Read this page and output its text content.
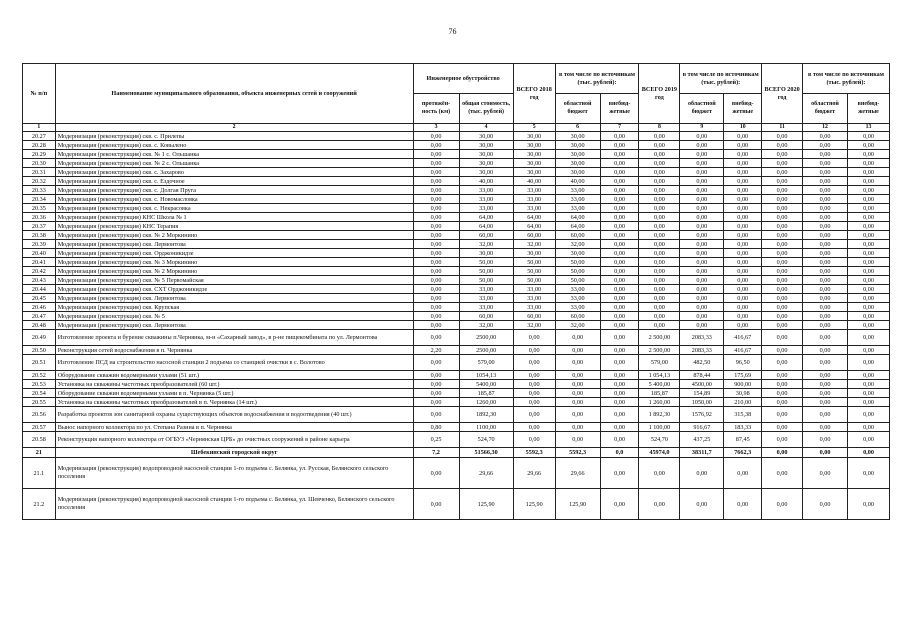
76
№ п/п	Наименование муниципального образования, объекта инженерных сетей и сооружений	Инженерное обустройство		ВСЕГО 2018 год	в том числе по источникам (тыс. рублей):		ВСЕГО 2019 год	в том числе по источникам (тыс. рублей):		ВСЕГО 2020 год	в том числе по источникам (тыс. рублей):	
		протяжён-ность (км)	общая стоимость, (тыс. рублей)		областной бюджет	внебюд-жетные		областной бюджет	внебюд-жетные		областной бюджет	внебюд-жетные
1	2	3	4	5	6	7	8	9	10	11	12	13
20.27	Модернизация (реконструкция) скв. с. Прилепы	0,00	30,00	30,00	30,00	0,00	0,00	0,00	0,00	0,00	0,00	0,00
20.28	Модернизация (реконструкция) скв. с. Ковылено	0,00	30,00	30,00	30,00	0,00	0,00	0,00	0,00	0,00	0,00	0,00
20.29	Модернизация (реконструкция) скв. № 1 с. Ольшанка	0,00	30,00	30,00	30,00	0,00	0,00	0,00	0,00	0,00	0,00	0,00
20.30	Модернизация (реконструкция) скв. № 2 с. Ольшанка	0,00	30,00	30,00	30,00	0,00	0,00	0,00	0,00	0,00	0,00	0,00
20.31	Модернизация (реконструкция) скв. с. Захарово	0,00	30,00	30,00	30,00	0,00	0,00	0,00	0,00	0,00	0,00	0,00
20.32	Модернизация (реконструкция) скв. с. Ездочное	0,00	40,00	40,00	40,00	0,00	0,00	0,00	0,00	0,00	0,00	0,00
20.33	Модернизация (реконструкция) скв. с. Долгая Пруга	0,00	33,00	33,00	33,00	0,00	0,00	0,00	0,00	0,00	0,00	0,00
20.34	Модернизация (реконструкция) скв. с. Новомасловка	0,00	33,00	33,00	33,00	0,00	0,00	0,00	0,00	0,00	0,00	0,00
20.35	Модернизация (реконструкция) скв. с. Некрасовка	0,00	33,00	33,00	33,00	0,00	0,00	0,00	0,00	0,00	0,00	0,00
20.36	Модернизация (реконструкция) КНС Школа № 1	0,00	64,00	64,00	64,00	0,00	0,00	0,00	0,00	0,00	0,00	0,00
20.37	Модернизация (реконструкция) КНС Терапия	0,00	64,00	64,00	64,00	0,00	0,00	0,00	0,00	0,00	0,00	0,00
20.38	Модернизация (реконструкция) скв. № 2 Моркинино	0,00	60,00	60,00	60,00	0,00	0,00	0,00	0,00	0,00	0,00	0,00
20.39	Модернизация (реконструкция) скв. Лермонтова	0,00	32,00	32,00	32,00	0,00	0,00	0,00	0,00	0,00	0,00	0,00
20.40	Модернизация (реконструкция) скв. Орджоникидзе	0,00	30,00	30,00	30,00	0,00	0,00	0,00	0,00	0,00	0,00	0,00
20.41	Модернизация (реконструкция) скв. № 3 Моркинино	0,00	50,00	50,00	50,00	0,00	0,00	0,00	0,00	0,00	0,00	0,00
20.42	Модернизация (реконструкция) скв. № 2 Моркинино	0,00	50,00	50,00	50,00	0,00	0,00	0,00	0,00	0,00	0,00	0,00
20.43	Модернизация (реконструкция) скв. № 5 Первомайская	0,00	50,00	50,00	50,00	0,00	0,00	0,00	0,00	0,00	0,00	0,00
20.44	Модернизация (реконструкция) скв. СХТ Орджоникидзе	0,00	33,00	33,00	33,00	0,00	0,00	0,00	0,00	0,00	0,00	0,00
20.45	Модернизация (реконструкция) скв. Лермонтова	0,00	33,00	33,00	33,00	0,00	0,00	0,00	0,00	0,00	0,00	0,00
20.46	Модернизация (реконструкция) скв. Крупская	0,00	33,00	33,00	33,00	0,00	0,00	0,00	0,00	0,00	0,00	0,00
20.47	Модернизация (реконструкция) скв. № 5	0,00	60,00	60,00	60,00	0,00	0,00	0,00	0,00	0,00	0,00	0,00
20.48	Модернизация (реконструкция) скв. Лермонтова	0,00	32,00	32,00	32,00	0,00	0,00	0,00	0,00	0,00	0,00	0,00
20.49	Изготовление проекта и бурение скважины п.Чернянка, м-н «Сахарный завод», в р-не пищекомбината по ул. Лермонтова	0,00	2500,00	0,00	0,00	0,00	2 500,00	2083,33	416,67	0,00	0,00	0,00
20.50	Реконструкция сетей водоснабжения в п. Чернянка	2,20	2500,00	0,00	0,00	0,00	2 500,00	2083,33	416,67	0,00	0,00	0,00
20.51	Изготовление ПСД на строительство насосной станции 2 подъема со станцией очистки в с. Волотово	0,00	579,00	0,00	0,00	0,00	579,00	482,50	96,50	0,00	0,00	0,00
20.52	Оборудование скважин водомерными узлами (51 шт.)	0,00	1054,13	0,00	0,00	0,00	1 054,13	878,44	175,69	0,00	0,00	0,00
20.53	Установка на скважины частотных преобразователей (60 шт.)	0,00	5400,00	0,00	0,00	0,00	5 400,00	4500,00	900,00	0,00	0,00	0,00
20.54	Оборудование скважин водомерными узлами в п. Чернянка (5 шт.)	0,00	185,87	0,00	0,00	0,00	185,87	154,89	30,98	0,00	0,00	0,00
20.55	Установка на скважины частотных преобразователей в п. Чернянка (14 шт.)	0,00	1260,00	0,00	0,00	0,00	1 260,00	1050,00	210,00	0,00	0,00	0,00
20.56	Разработка проектов зон санитарной охраны существующих объектов водоснабжения и водоотведения (40 шт.)	0,00	1892,30	0,00	0,00	0,00	1 892,30	1576,92	315,38	0,00	0,00	0,00
20.57	Вынос напорного коллектора по ул. Степана Разина в п. Чернянка	0,80	1100,00	0,00	0,00	0,00	1 100,00	916,67	183,33	0,00	0,00	0,00
20.58	Реконструкция напорного коллектора от ОГБУЗ «Чернянская ЦРБ» до очистных сооружений в районе карьера	0,25	524,70	0,00	0,00	0,00	524,70	437,25	87,45	0,00	0,00	0,00
21	Шебекинский городской округ	7,2	51566,30	5592,3	5592,3	0,0	45974,0	38311,7	7662,3	0,00	0,00	0,00
21.1	Модернизация (реконструкция) водопроводной насосной станции 1-го подъема с. Белянка, ул. Русская, Белянского сельского поселения	0,00	29,66	29,66	29,66	0,00	0,00	0,00	0,00	0,00	0,00	0,00
21.2	Модернизация (реконструкция) водопроводной насосной станции 1-го подъема с. Белянка, ул. Шевченко, Белянского сельского поселения	0,00	125,90	125,90	125,90	0,00	0,00	0,00	0,00	0,00	0,00	0,00
